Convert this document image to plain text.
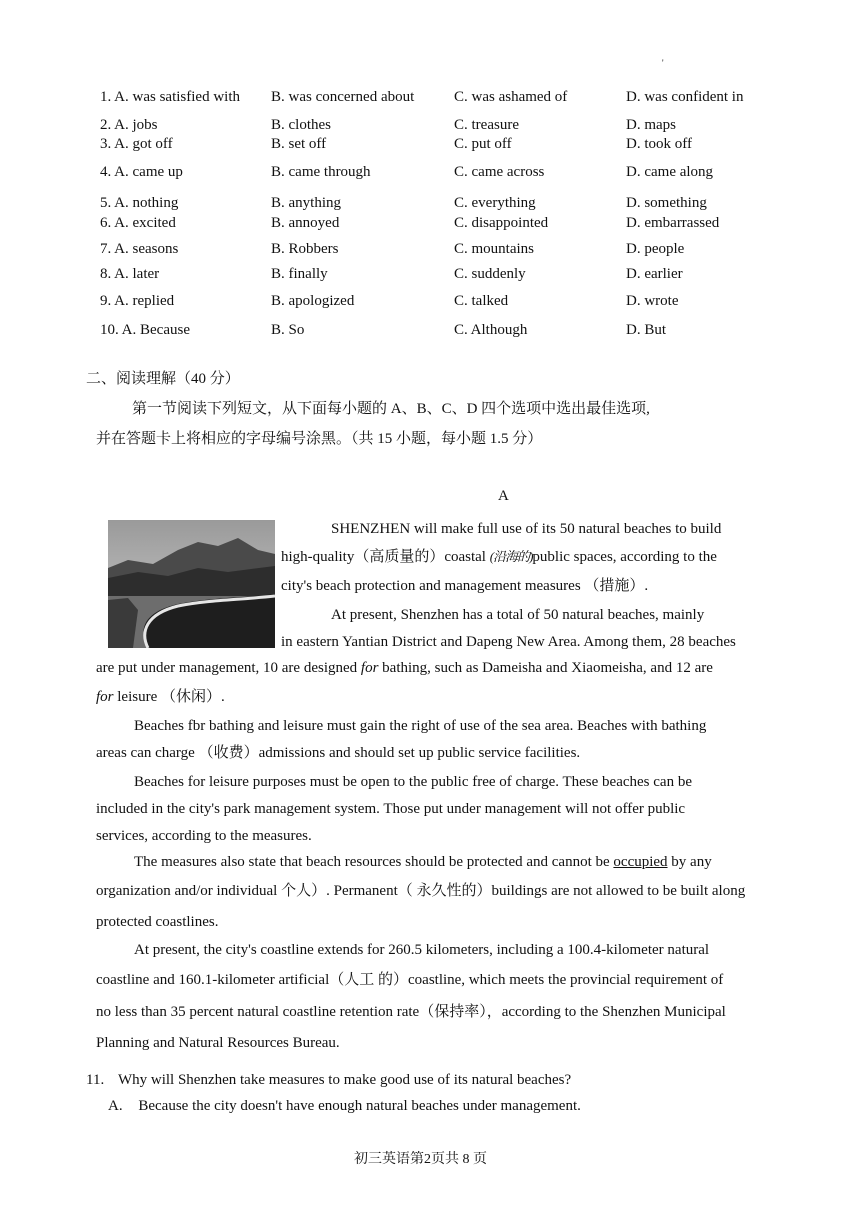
'
1. A. was satisfied with B. was concerned about	C. was ashamed of	D. was confident in
2. A. jobs	B. clothes	C. treasure	D. maps
3. A. got off	B. set off	C. put off	D. took off
4. A. came up	B. came through	C. came across	D. came along
5. A. nothing	B. anything	C. everything	D. something
6. A. excited	B. annoyed	C. disappointed	D. embarrassed
7. A. seasons	B. Robbers	C. mountains	D. people
8. A. later	B. finally	C. suddenly	D. earlier
9. A. replied	B. apologized	C. talked	D. wrote
10. A. Because	B. So	C. Although	D. But
二、阅读理解（40 分）
第一节阅读下列短文，从下面每小题的 A、B、C、D 四个选项中选出最佳选项,
并在答题卡上将相应的字母编号涂黑。（共 15 小题，每小题 1.5 分）
A
SHENZHEN will make full use of its 50 natural beaches to build
high-quality（高质量的）coastal (沿海的)public spaces, according to the
city's beach protection and management measures （措施）.
At present, Shenzhen has a total of 50 natural beaches, mainly
in eastern Yantian District and Dapeng New Area. Among them, 28 beaches
are put under management, 10 are designed for bathing, such as Dameisha and Xiaomeisha, and 12 are
for leisure （休闲）.
Beaches fbr bathing and leisure must gain the right of use of the sea area. Beaches with bathing
areas can charge （收费）admissions and should set up public service facilities.
Beaches for leisure purposes must be open to the public free of charge. These beaches can be
included in the city's park management system. Those put under management will not offer public
services, according to the measures.
The measures also state that beach resources should be protected and cannot be occupied by any
organization and/or individual 个人）. Permanent（ 永久性的）buildings are not allowed to be built along
protected coastlines.
At present, the city's coastline extends for 260.5 kilometers, including a 100.4-kilometer natural
coastline and 160.1-kilometer artificial（人工 的）coastline, which meets the provincial requirement of
no less than 35 percent natural coastline retention rate（保持率），according to the Shenzhen Municipal
Planning and Natural Resources Bureau.
11. Why will Shenzhen take measures to make good use of its natural beaches?
A. Because the city doesn't have enough natural beaches under management.
初三英语第2页共 8 页
